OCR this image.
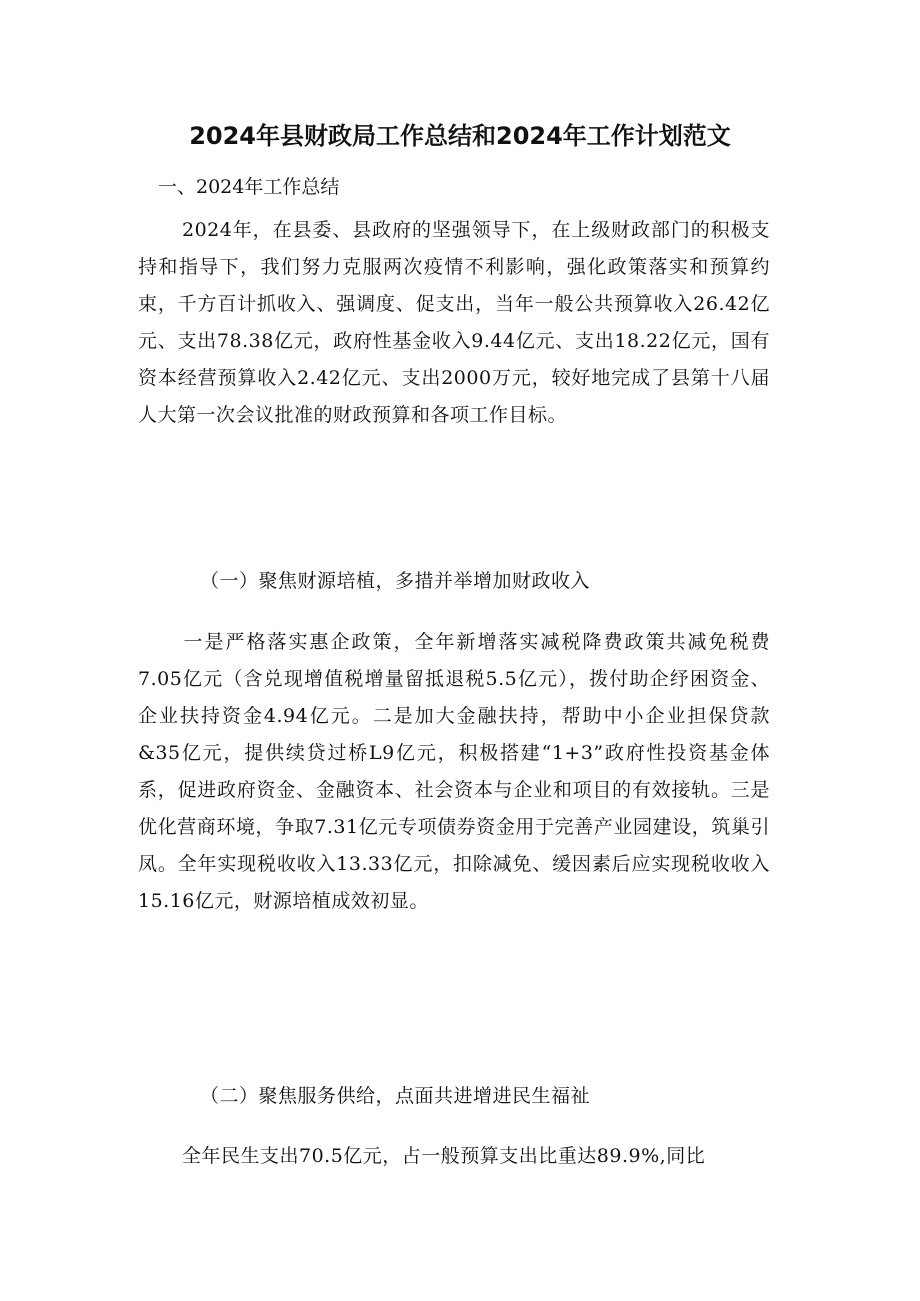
2024年县财政局工作总结和2024年工作计划范文

一、2024年工作总结

2024年，在县委、县政府的坚强领导下，在上级财政部门的积极支持和指导下，我们努力克服两次疫情不利影响，强化政策落实和预算约束，千方百计抓收入、强调度、促支出，当年一般公共预算收入26.42亿元、支出78.38亿元，政府性基金收入9.44亿元、支出18.22亿元，国有资本经营预算收入2.42亿元、支出2000万元，较好地完成了县第十八届人大第一次会议批准的财政预算和各项工作目标。

（一）聚焦财源培植，多措并举增加财政收入

一是严格落实惠企政策，全年新增落实减税降费政策共减免税费7.05亿元（含兑现增值税增量留抵退税5.5亿元），拨付助企纾困资金、企业扶持资金4.94亿元。二是加大金融扶持，帮助中小企业担保贷款&35亿元，提供续贷过桥L9亿元，积极搭建“1+3”政府性投资基金体系，促进政府资金、金融资本、社会资本与企业和项目的有效接轨。三是优化营商环境，争取7.31亿元专项债券资金用于完善产业园建设，筑巢引凤。全年实现税收收入13.33亿元，扣除减免、缓因素后应实现税收收入15.16亿元，财源培植成效初显。

（二）聚焦服务供给，点面共进增进民生福祉

全年民生支出70.5亿元，占一般预算支出比重达89.9%,同比
